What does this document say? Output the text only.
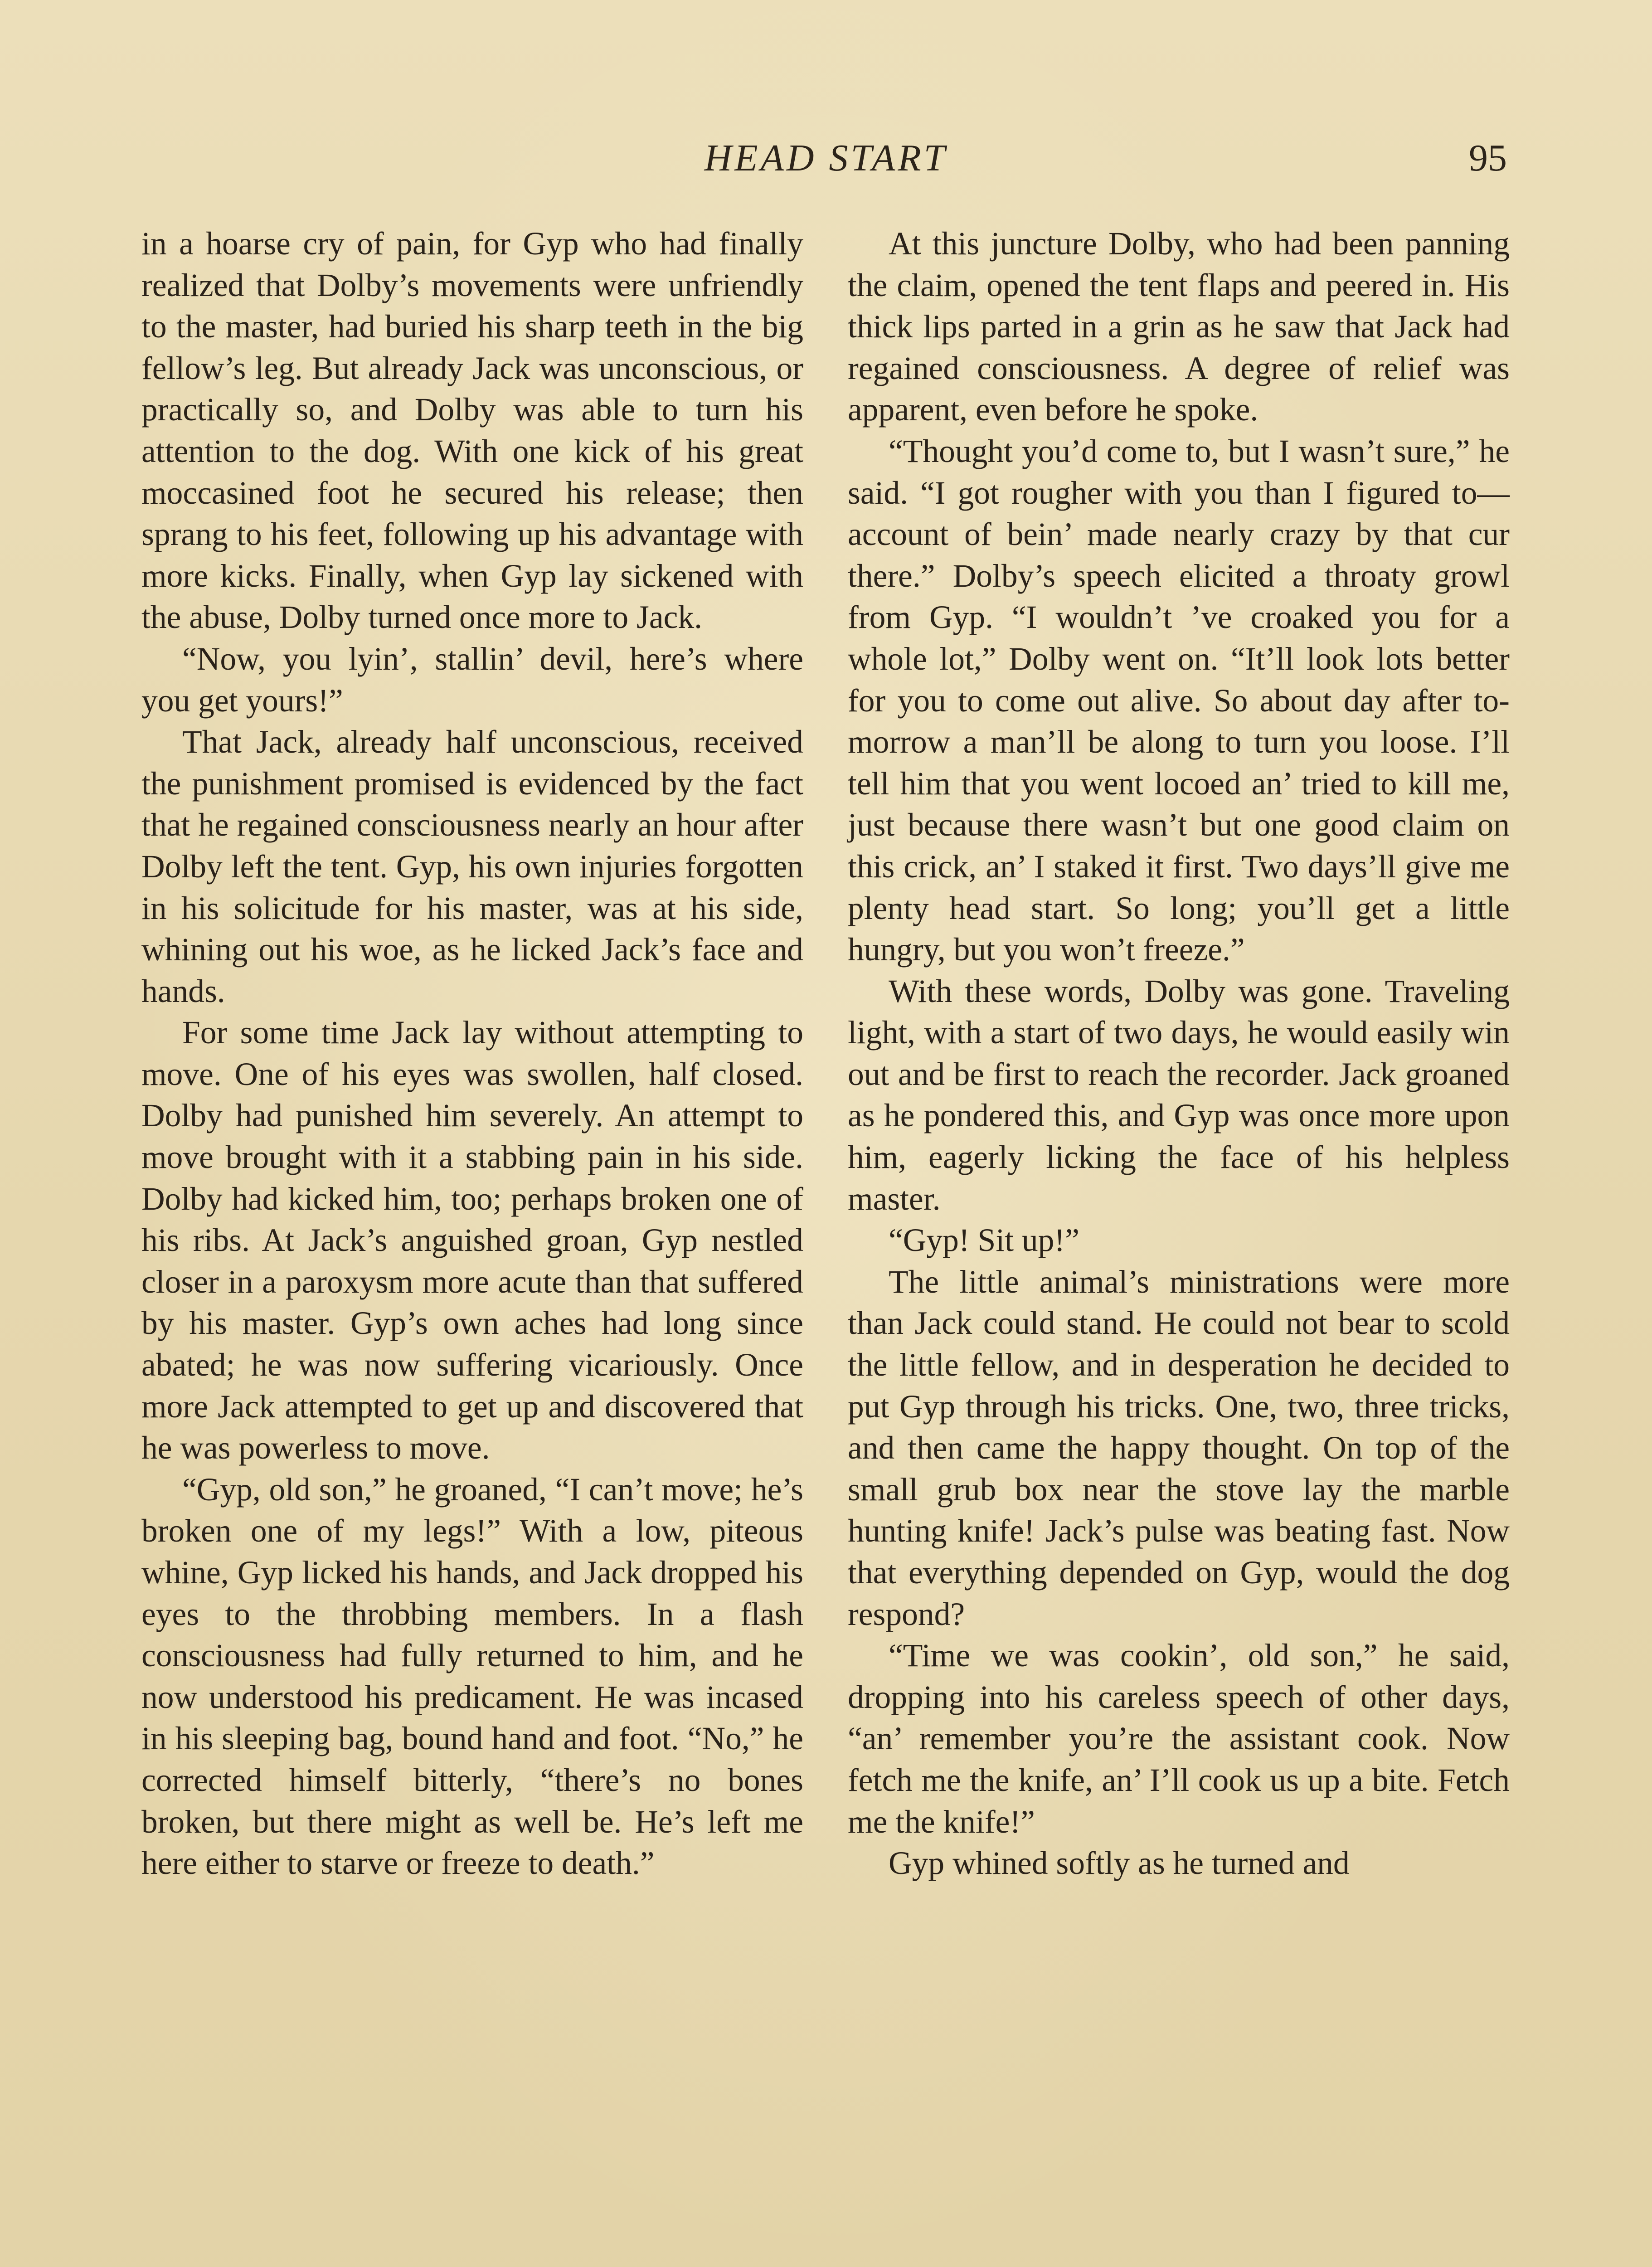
HEAD START	95

in a hoarse cry of pain, for Gyp who had finally realized that Dolby’s movements were unfriendly to the master, had buried his sharp teeth in the big fellow’s leg. But already Jack was unconscious, or practically so, and Dolby was able to turn his attention to the dog. With one kick of his great moccasined foot he secured his release; then sprang to his feet, following up his advantage with more kicks. Finally, when Gyp lay sickened with the abuse, Dolby turned once more to Jack.

“Now, you lyin’, stallin’ devil, here’s where you get yours!”

That Jack, already half unconscious, received the punishment promised is evidenced by the fact that he regained consciousness nearly an hour after Dolby left the tent. Gyp, his own injuries forgotten in his solicitude for his master, was at his side, whining out his woe, as he licked Jack’s face and hands.

For some time Jack lay without attempting to move. One of his eyes was swollen, half closed. Dolby had punished him severely. An attempt to move brought with it a stabbing pain in his side. Dolby had kicked him, too; perhaps broken one of his ribs. At Jack’s anguished groan, Gyp nestled closer in a paroxysm more acute than that suffered by his master. Gyp’s own aches had long since abated; he was now suffering vicariously. Once more Jack attempted to get up and discovered that he was powerless to move.

“Gyp, old son,” he groaned, “I can’t move; he’s broken one of my legs!” With a low, piteous whine, Gyp licked his hands, and Jack dropped his eyes to the throbbing members. In a flash consciousness had fully returned to him, and he now understood his predicament. He was incased in his sleeping bag, bound hand and foot. “No,” he corrected himself bitterly, “there’s no bones broken, but there might as well be. He’s left me here either to starve or freeze to death.”

At this juncture Dolby, who had been panning the claim, opened the tent flaps and peered in. His thick lips parted in a grin as he saw that Jack had regained consciousness. A degree of relief was apparent, even before he spoke.

“Thought you’d come to, but I wasn’t sure,” he said. “I got rougher with you than I figured to—account of bein’ made nearly crazy by that cur there.” Dolby’s speech elicited a throaty growl from Gyp. “I wouldn’t ’ve croaked you for a whole lot,” Dolby went on. “It’ll look lots better for you to come out alive. So about day after to-morrow a man’ll be along to turn you loose. I’ll tell him that you went locoed an’ tried to kill me, just because there wasn’t but one good claim on this crick, an’ I staked it first. Two days’ll give me plenty head start. So long; you’ll get a little hungry, but you won’t freeze.”

With these words, Dolby was gone. Traveling light, with a start of two days, he would easily win out and be first to reach the recorder. Jack groaned as he pondered this, and Gyp was once more upon him, eagerly licking the face of his helpless master.

“Gyp! Sit up!”

The little animal’s ministrations were more than Jack could stand. He could not bear to scold the little fellow, and in desperation he decided to put Gyp through his tricks. One, two, three tricks, and then came the happy thought. On top of the small grub box near the stove lay the marble hunting knife! Jack’s pulse was beating fast. Now that everything depended on Gyp, would the dog respond?

“Time we was cookin’, old son,” he said, dropping into his careless speech of other days, “an’ remember you’re the assistant cook. Now fetch me the knife, an’ I’ll cook us up a bite. Fetch me the knife!”

Gyp whined softly as he turned and
